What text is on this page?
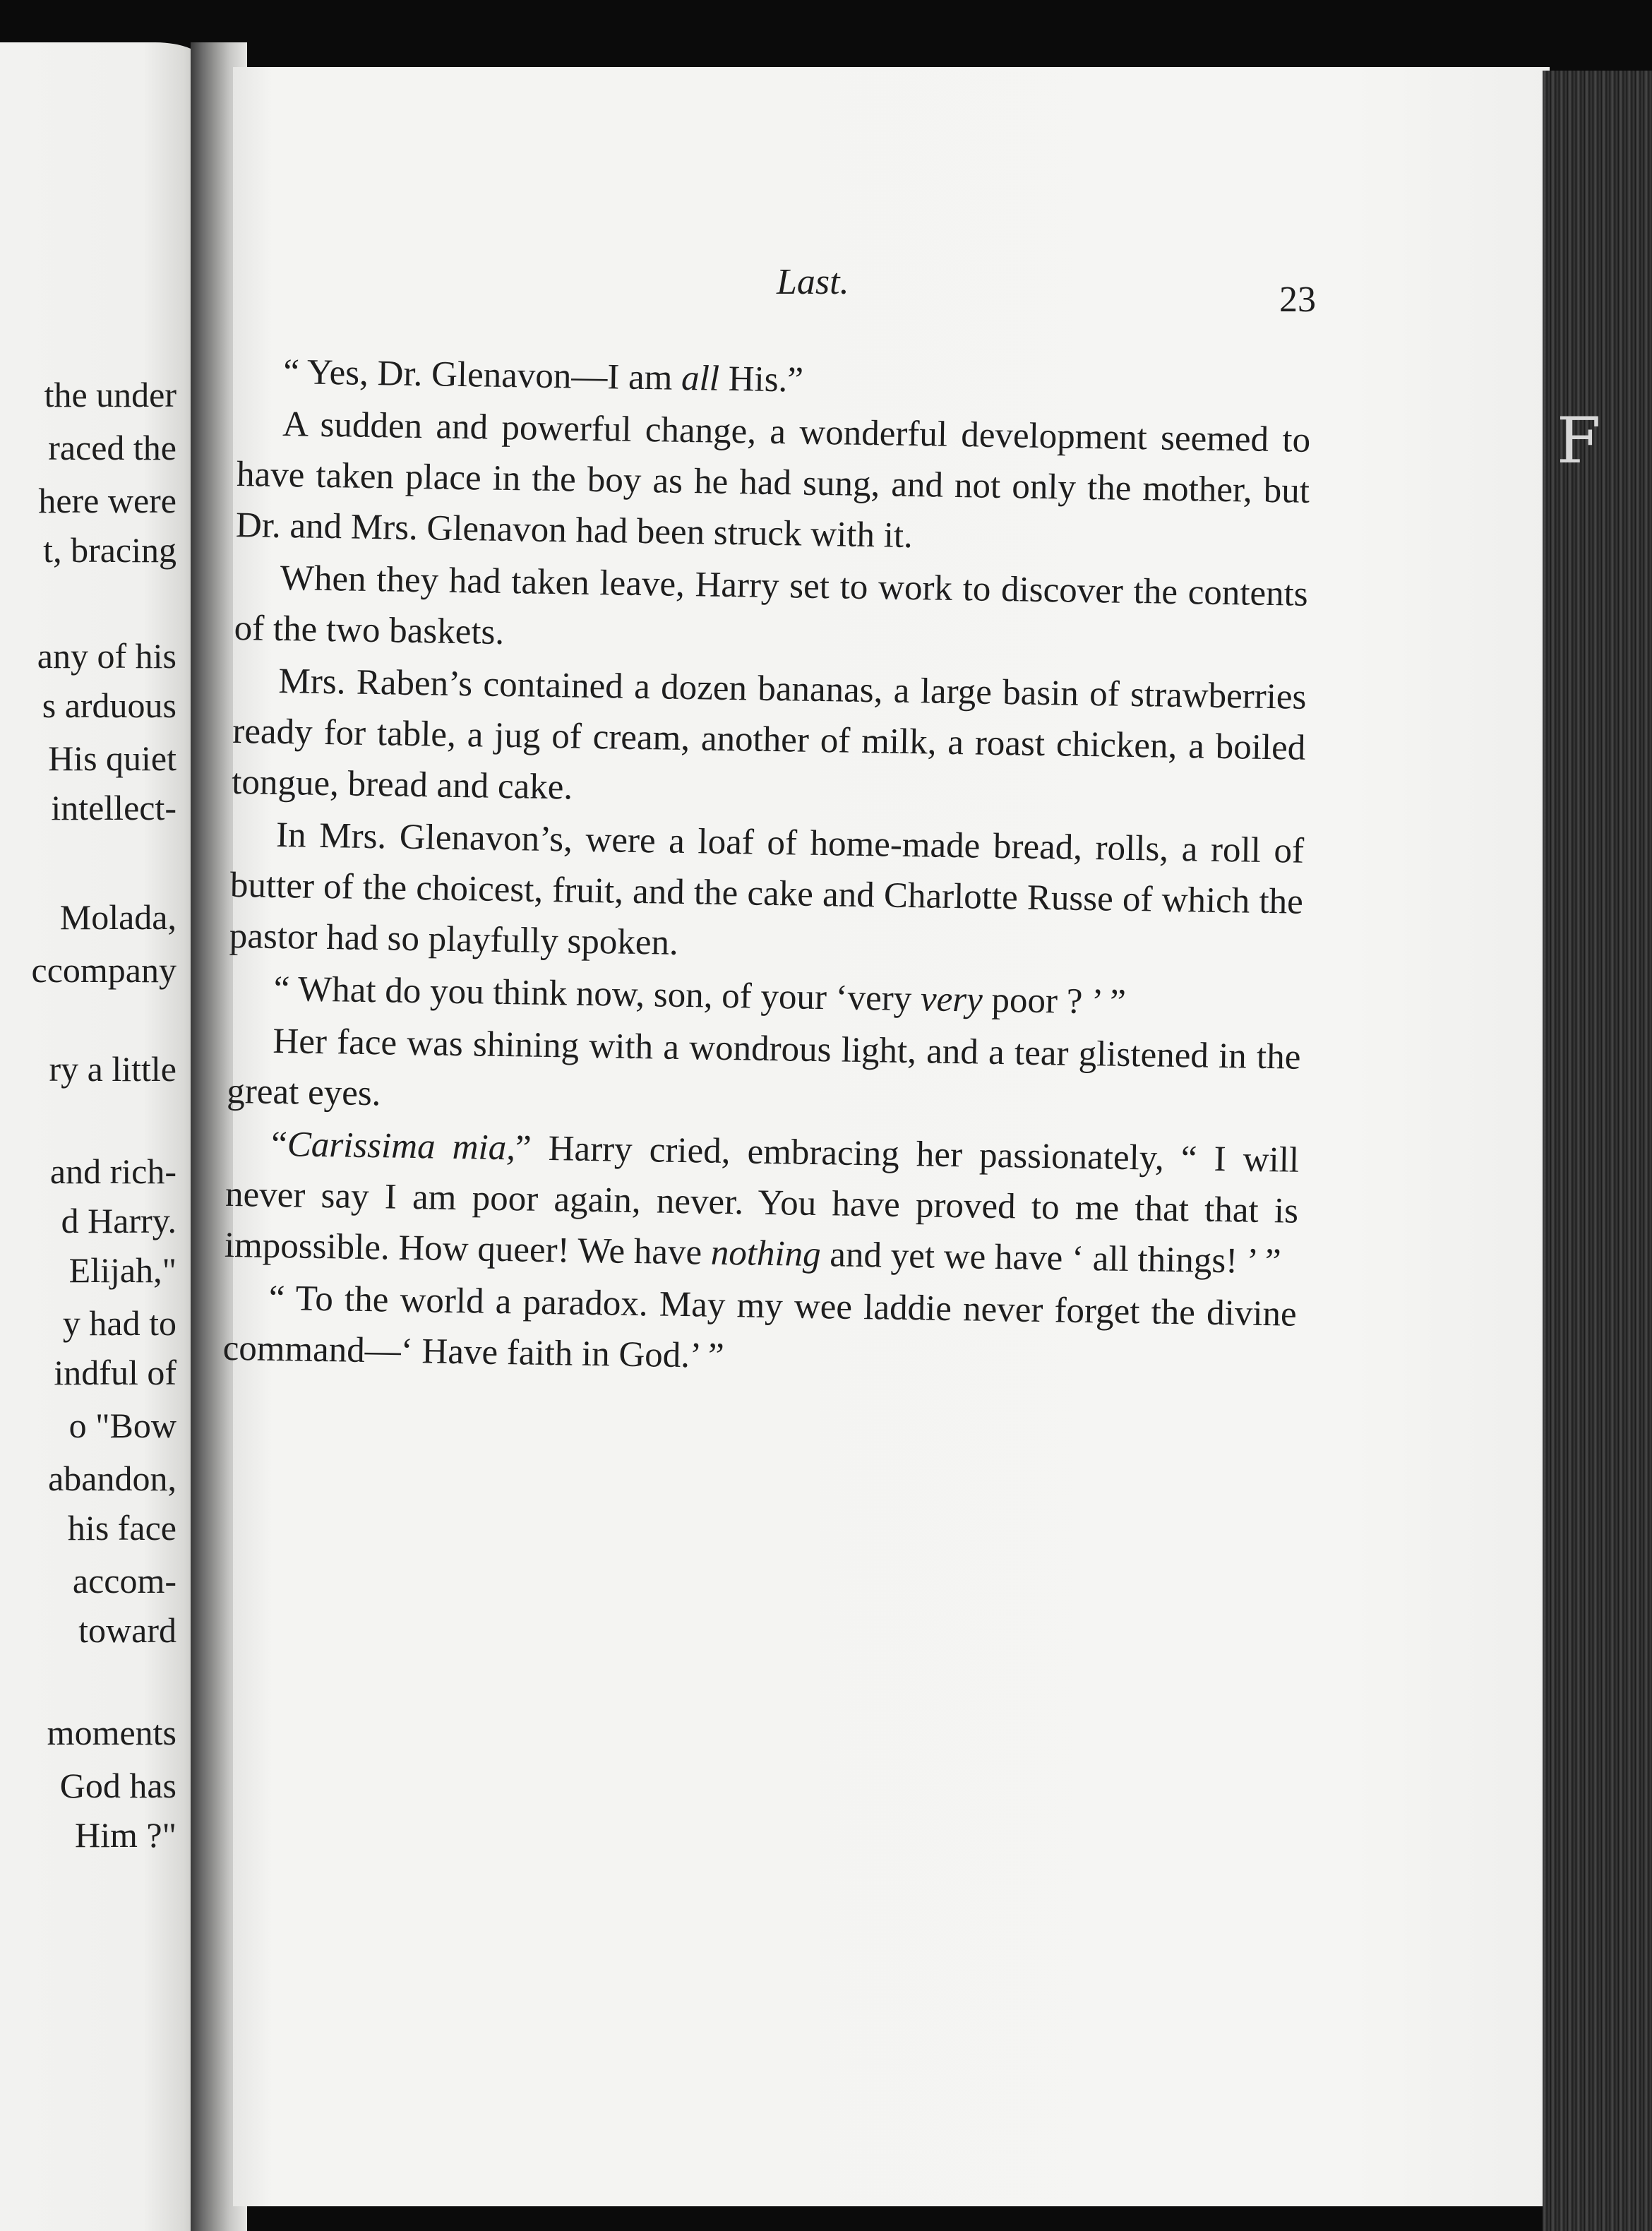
the under
raced the
here were
t, bracing
any of his
s arduous
His quiet
intellect-
Molada,
ccompany
ry a little
and rich-
d Harry.
Elijah,"
y had to
indful of
o "Bow
abandon,
his face
accom-
toward
moments
God has
Him ?"
F
Last.	23

“ Yes, Dr. Glenavon—I am all His.”

A sudden and powerful change, a wonderful development seemed to have taken place in the boy as he had sung, and not only the mother, but Dr. and Mrs. Glenavon had been struck with it.

When they had taken leave, Harry set to work to discover the contents of the two baskets.

Mrs. Raben’s contained a dozen bananas, a large basin of strawberries ready for table, a jug of cream, another of milk, a roast chicken, a boiled tongue, bread and cake.

In Mrs. Glenavon’s, were a loaf of home-made bread, rolls, a roll of butter of the choicest, fruit, and the cake and Charlotte Russe of which the pastor had so playfully spoken.

“ What do you think now, son, of your ‘very very poor ? ’ ”

Her face was shining with a wondrous light, and a tear glistened in the great eyes.

“Carissima mia,” Harry cried, embracing her passionately, “ I will never say I am poor again, never. You have proved to me that that is impossible. How queer! We have nothing and yet we have ‘ all things! ’ ”

“ To the world a paradox. May my wee laddie never forget the divine command—‘ Have faith in God.’ ”
